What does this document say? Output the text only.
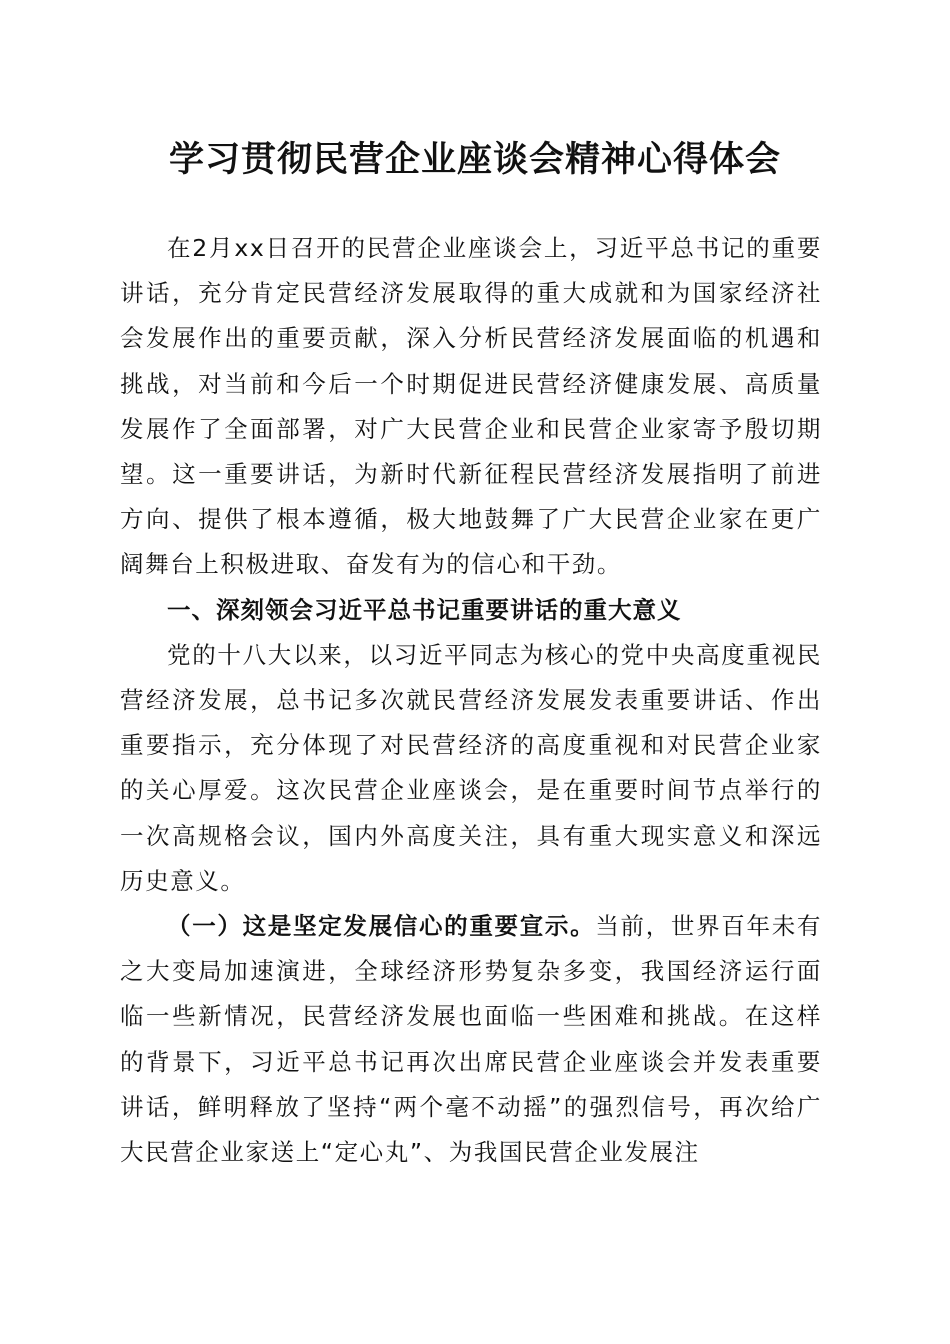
学习贯彻民营企业座谈会精神心得体会

在2月xx日召开的民营企业座谈会上，习近平总书记的重要讲话，充分肯定民营经济发展取得的重大成就和为国家经济社会发展作出的重要贡献，深入分析民营经济发展面临的机遇和挑战，对当前和今后一个时期促进民营经济健康发展、高质量发展作了全面部署，对广大民营企业和民营企业家寄予殷切期望。这一重要讲话，为新时代新征程民营经济发展指明了前进方向、提供了根本遵循，极大地鼓舞了广大民营企业家在更广阔舞台上积极进取、奋发有为的信心和干劲。

一、深刻领会习近平总书记重要讲话的重大意义

党的十八大以来，以习近平同志为核心的党中央高度重视民营经济发展，总书记多次就民营经济发展发表重要讲话、作出重要指示，充分体现了对民营经济的高度重视和对民营企业家的关心厚爱。这次民营企业座谈会，是在重要时间节点举行的一次高规格会议，国内外高度关注，具有重大现实意义和深远历史意义。

（一）这是坚定发展信心的重要宣示。当前，世界百年未有之大变局加速演进，全球经济形势复杂多变，我国经济运行面临一些新情况，民营经济发展也面临一些困难和挑战。在这样的背景下，习近平总书记再次出席民营企业座谈会并发表重要讲话，鲜明释放了坚持“两个毫不动摇”的强烈信号，再次给广大民营企业家送上“定心丸”、为我国民营企业发展注
